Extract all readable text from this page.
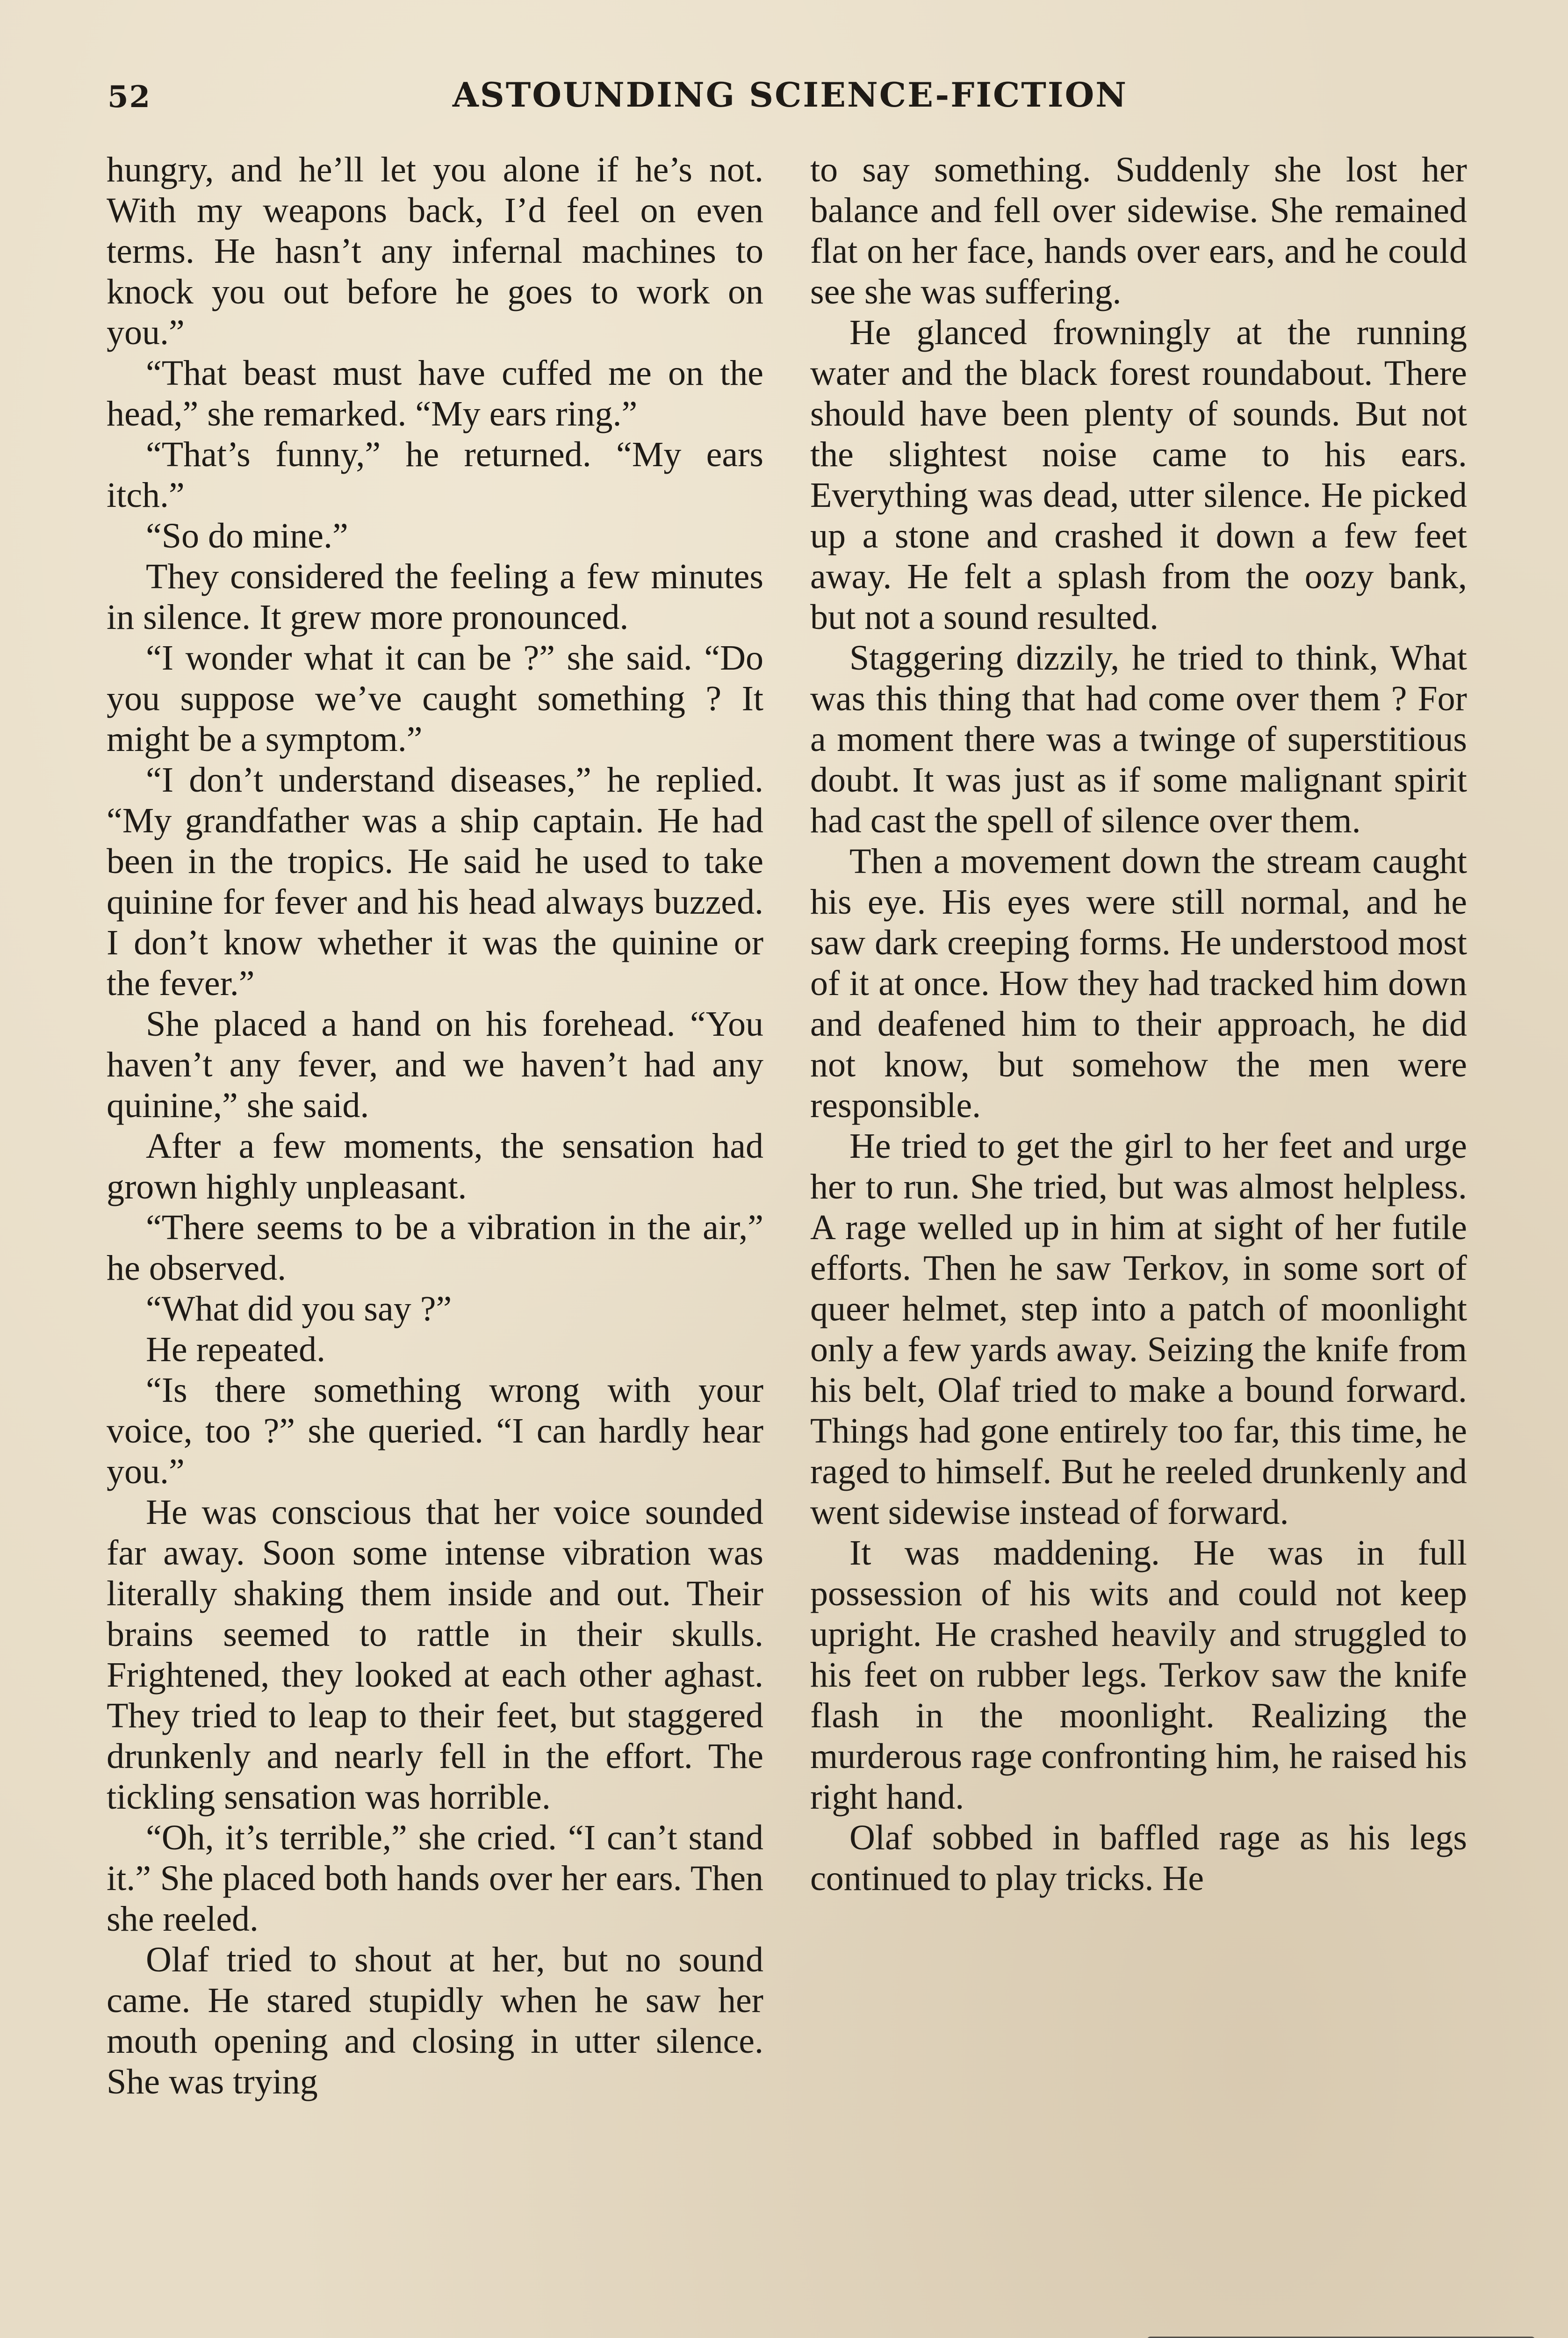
52	ASTOUNDING SCIENCE-FICTION

hungry, and he’ll let you alone if he’s not. With my weapons back, I’d feel on even terms. He hasn’t any infernal machines to knock you out before he goes to work on you.”

“That beast must have cuffed me on the head,” she remarked. “My ears ring.”

“That’s funny,” he returned. “My ears itch.”

“So do mine.”

They considered the feeling a few minutes in silence. It grew more pronounced.

“I wonder what it can be ?” she said. “Do you suppose we’ve caught something ? It might be a symptom.”

“I don’t understand diseases,” he replied. “My grandfather was a ship captain. He had been in the tropics. He said he used to take quinine for fever and his head always buzzed. I don’t know whether it was the quinine or the fever.”

She placed a hand on his forehead. “You haven’t any fever, and we haven’t had any quinine,” she said.

After a few moments, the sensation had grown highly unpleasant.

“There seems to be a vibration in the air,” he observed.

“What did you say ?”

He repeated.

“Is there something wrong with your voice, too ?” she queried. “I can hardly hear you.”

He was conscious that her voice sounded far away. Soon some intense vibration was literally shaking them inside and out. Their brains seemed to rattle in their skulls. Frightened, they looked at each other aghast. They tried to leap to their feet, but staggered drunkenly and nearly fell in the effort. The tickling sensation was horrible.

“Oh, it’s terrible,” she cried. “I can’t stand it.” She placed both hands over her ears. Then she reeled.

Olaf tried to shout at her, but no sound came. He stared stupidly when he saw her mouth opening and closing in utter silence. She was trying

to say something. Suddenly she lost her balance and fell over sidewise. She remained flat on her face, hands over ears, and he could see she was suffering.

He glanced frowningly at the running water and the black forest roundabout. There should have been plenty of sounds. But not the slightest noise came to his ears. Everything was dead, utter silence. He picked up a stone and crashed it down a few feet away. He felt a splash from the oozy bank, but not a sound resulted.

Staggering dizzily, he tried to think, What was this thing that had come over them ? For a moment there was a twinge of superstitious doubt. It was just as if some malignant spirit had cast the spell of silence over them.

Then a movement down the stream caught his eye. His eyes were still normal, and he saw dark creeping forms. He understood most of it at once. How they had tracked him down and deafened him to their approach, he did not know, but somehow the men were responsible.

He tried to get the girl to her feet and urge her to run. She tried, but was almost helpless. A rage welled up in him at sight of her futile efforts. Then he saw Terkov, in some sort of queer helmet, step into a patch of moonlight only a few yards away. Seizing the knife from his belt, Olaf tried to make a bound forward. Things had gone entirely too far, this time, he raged to himself. But he reeled drunkenly and went sidewise instead of forward.

It was maddening. He was in full possession of his wits and could not keep upright. He crashed heavily and struggled to his feet on rubber legs. Terkov saw the knife flash in the moonlight. Realizing the murderous rage confronting him, he raised his right hand.

Olaf sobbed in baffled rage as his legs continued to play tricks. He
